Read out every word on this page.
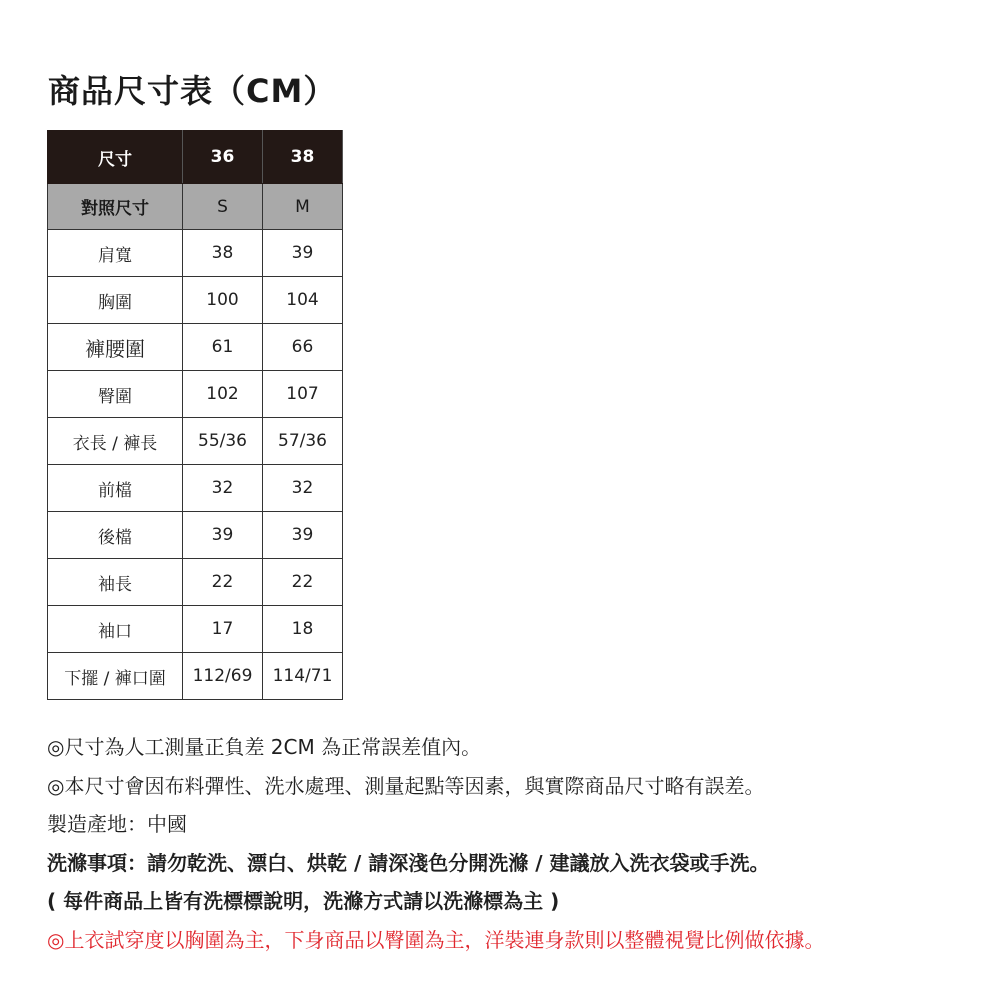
商品尺寸表（CM）
尺寸	36	38
對照尺寸	S	M
肩寬	38	39
胸圍	100	104
褲腰圍	61	66
臀圍	102	107
衣長 / 褲長	55/36	57/36
前檔	32	32
後檔	39	39
袖長	22	22
袖口	17	18
下擺 / 褲口圍	112/69	114/71
◎尺寸為人工測量正負差 2CM 為正常誤差值內。
◎本尺寸會因布料彈性、洗水處理、測量起點等因素，與實際商品尺寸略有誤差。
製造產地：中國
洗滌事項：請勿乾洗、漂白、烘乾 / 請深淺色分開洗滌 / 建議放入洗衣袋或手洗。
( 每件商品上皆有洗標標說明，洗滌方式請以洗滌標為主 )
◎上衣試穿度以胸圍為主，下身商品以臀圍為主，洋裝連身款則以整體視覺比例做依據。
